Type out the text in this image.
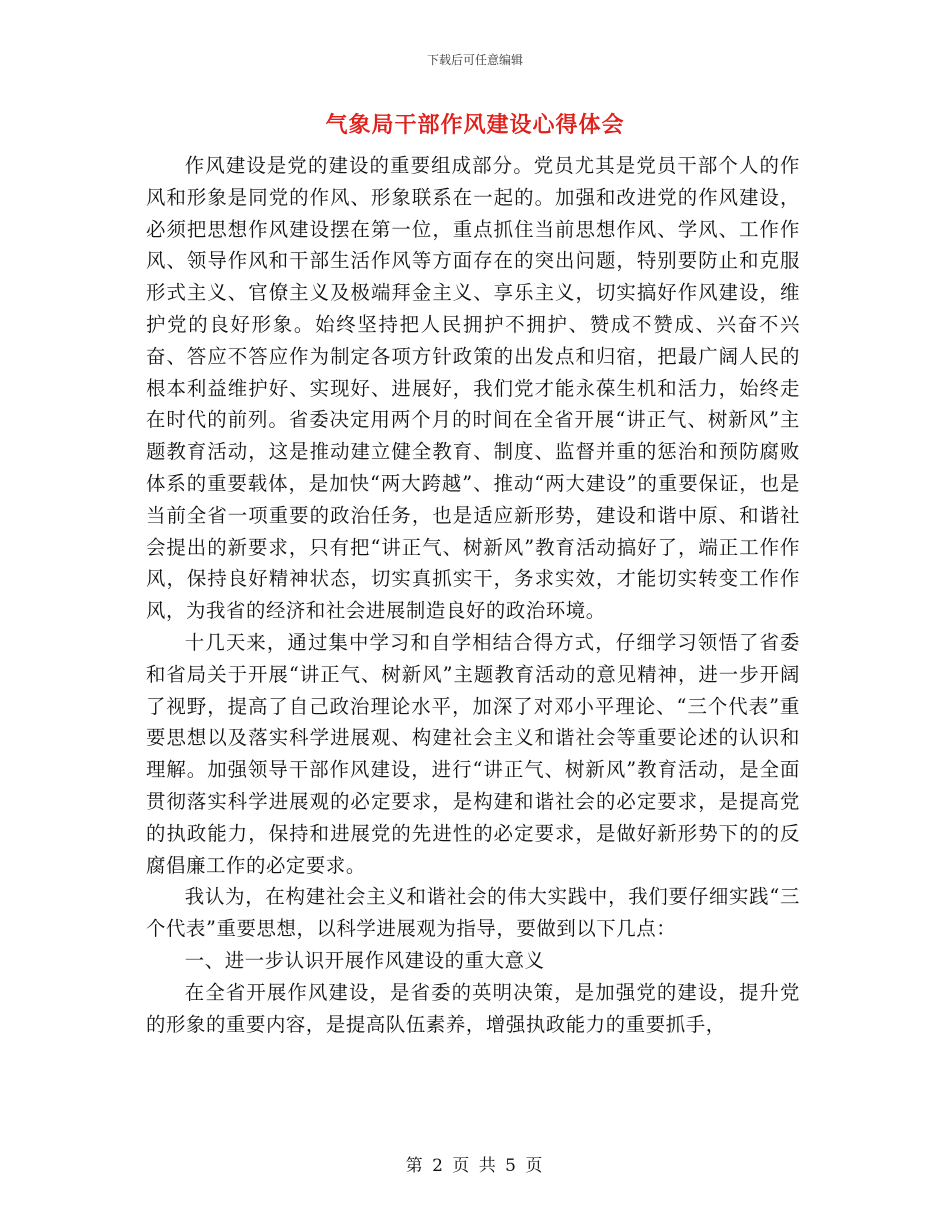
下载后可任意编辑
气象局干部作风建设心得体会

作风建设是党的建设的重要组成部分。党员尤其是党员干部个人的作风和形象是同党的作风、形象联系在一起的。加强和改进党的作风建设，必须把思想作风建设摆在第一位，重点抓住当前思想作风、学风、工作作风、领导作风和干部生活作风等方面存在的突出问题，特别要防止和克服形式主义、官僚主义及极端拜金主义、享乐主义，切实搞好作风建设，维护党的良好形象。始终坚持把人民拥护不拥护、赞成不赞成、兴奋不兴奋、答应不答应作为制定各项方针政策的出发点和归宿，把最广阔人民的根本利益维护好、实现好、进展好，我们党才能永葆生机和活力，始终走在时代的前列。省委决定用两个月的时间在全省开展“讲正气、树新风”主题教育活动，这是推动建立健全教育、制度、监督并重的惩治和预防腐败体系的重要载体，是加快“两大跨越”、推动“两大建设”的重要保证，也是当前全省一项重要的政治任务，也是适应新形势，建设和谐中原、和谐社会提出的新要求，只有把“讲正气、树新风”教育活动搞好了，端正工作作风，保持良好精神状态，切实真抓实干，务求实效，才能切实转变工作作风，为我省的经济和社会进展制造良好的政治环境。

十几天来，通过集中学习和自学相结合得方式，仔细学习领悟了省委和省局关于开展“讲正气、树新风”主题教育活动的意见精神，进一步开阔了视野，提高了自己政治理论水平，加深了对邓小平理论、“三个代表”重要思想以及落实科学进展观、构建社会主义和谐社会等重要论述的认识和理解。加强领导干部作风建设，进行“讲正气、树新风”教育活动，是全面贯彻落实科学进展观的必定要求，是构建和谐社会的必定要求，是提高党的执政能力，保持和进展党的先进性的必定要求，是做好新形势下的的反腐倡廉工作的必定要求。

我认为，在构建社会主义和谐社会的伟大实践中，我们要仔细实践“三个代表”重要思想，以科学进展观为指导，要做到以下几点：

一、进一步认识开展作风建设的重大意义

在全省开展作风建设，是省委的英明决策，是加强党的建设，提升党的形象的重要内容，是提高队伍素养，增强执政能力的重要抓手，

第 2 页 共 5 页
